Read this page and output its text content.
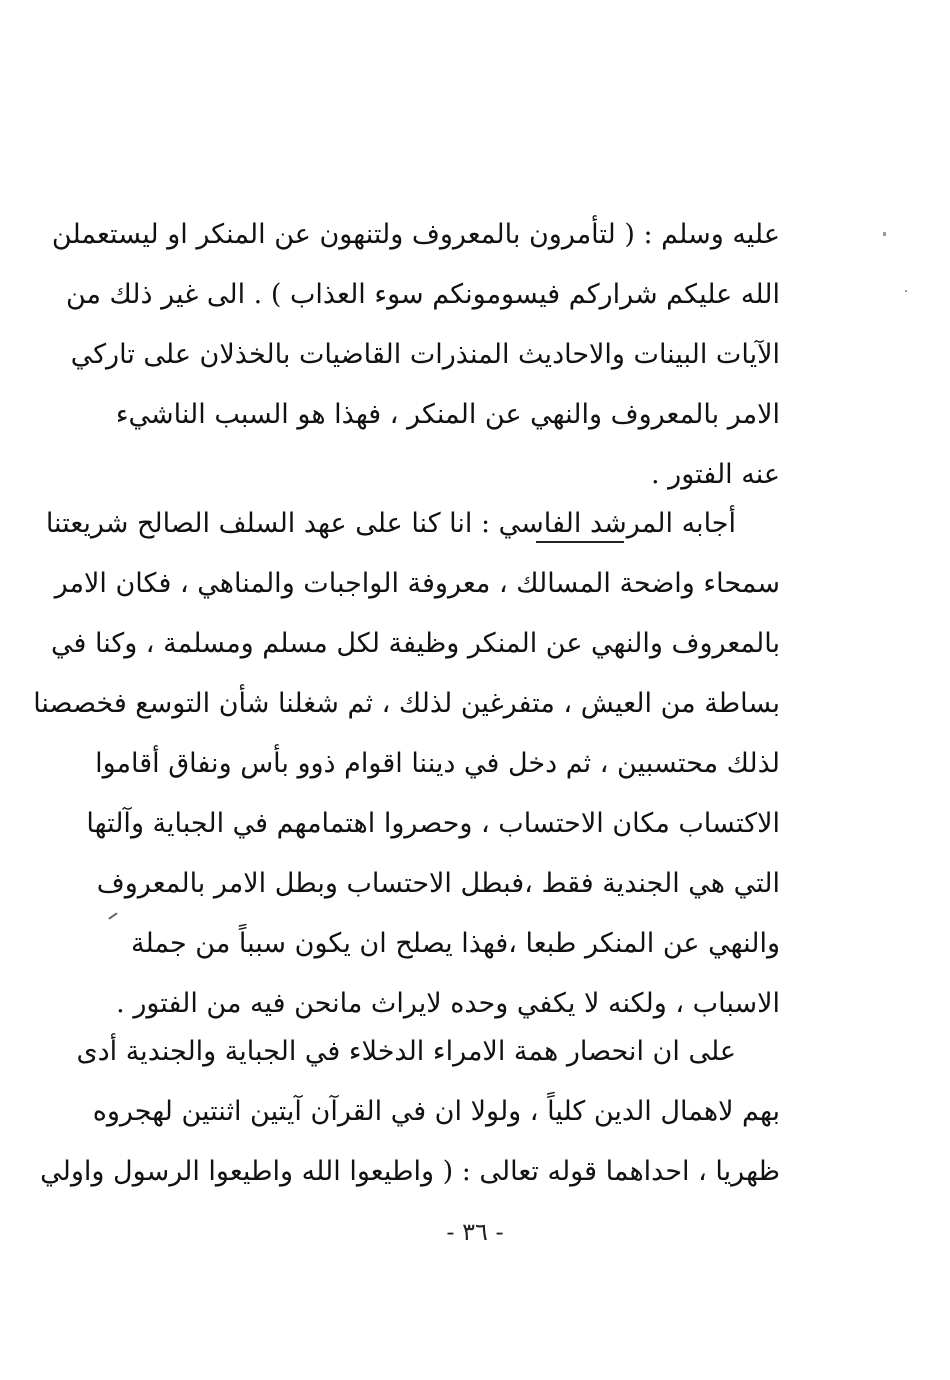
عليه وسلم : ( لتأمرون بالمعروف ولتنهون عن المنكر او ليستعملن
الله عليكم شراركم فيسومونكم سوء العذاب ) . الى غير ذلك من
الآيات البينات والاحاديث المنذرات القاضيات بالخذلان على تاركي
الامر بالمعروف والنهي عن المنكر ، فهذا هو السبب الناشيء
عنه الفتور .
أجابه المرشد الفاسي : انا كنا على عهد السلف الصالح شريعتنا
سمحاء واضحة المسالك ، معروفة الواجبات والمناهي ، فكان الامر
بالمعروف والنهي عن المنكر وظيفة لكل مسلم ومسلمة ، وكنا في
بساطة من العيش ، متفرغين لذلك ، ثم شغلنا شأن التوسع فخصصنا
لذلك محتسبين ، ثم دخل في ديننا اقوام ذوو بأس ونفاق أقاموا
الاكتساب مكان الاحتساب ، وحصروا اهتمامهم في الجباية وآلتها
التي هي الجندية فقط ،فبطل الاحتساب وبطل الامر بالمعروف
والنهي عن المنكر طبعا ،فهذا يصلح ان يكون سبباً من جملة
الاسباب ، ولكنه لا يكفي وحده لايراث مانحن فيه من الفتور .
على ان انحصار همة الامراء الدخلاء في الجباية والجندية أدى
بهم لاهمال الدين كلياً ، ولولا ان في القرآن آيتين اثنتين لهجروه
ظهريا ، احداهما قوله تعالى : ( واطيعوا الله واطيعوا الرسول واولي
- ٣٦ -
